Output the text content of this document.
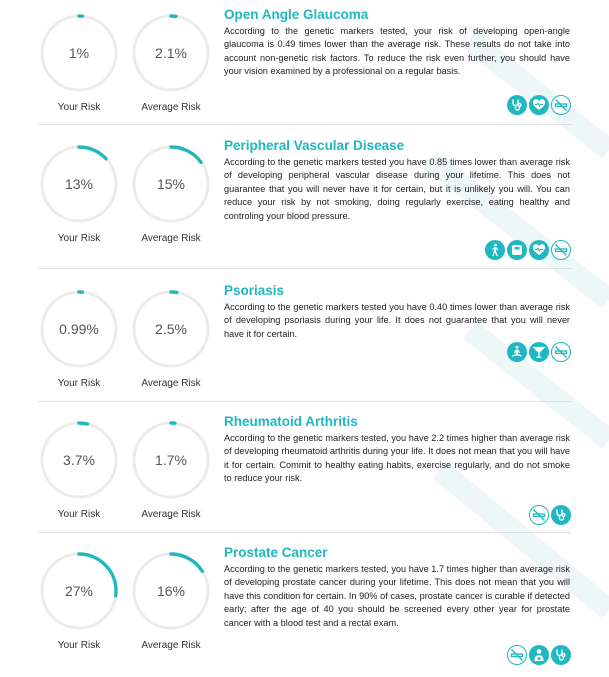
1%	2.1%
Your Risk	Average Risk
Open Angle Glaucoma
According to the genetic markers tested, your risk of developing open-angle glaucoma is 0.49 times lower than the average risk. These results do not take into account non-genetic risk factors. To reduce the risk even further, you should have your vision examined by a professional on a regular basis.
13%	15%
Your Risk	Average Risk
Peripheral Vascular Disease
According to the genetic markers tested you have 0.85 times lower than average risk of developing peripheral vascular disease during your lifetime. This does not guarantee that you will never have it for certain, but it is unlikely you will. You can reduce your risk by not smoking, doing regularly exercise, eating healthy and controling your blood pressure.
0.99%	2.5%
Your Risk	Average Risk
Psoriasis
According to the genetic markers tested you have 0.40 times lower than average risk of developing psoriasis during your life. It does not guarantee that you will never have it for certain.
3.7%	1.7%
Your Risk	Average Risk
Rheumatoid Arthritis
According to the genetic markers tested, you have 2.2 times higher than average risk of developing rheumatoid arthritis during your life. It does not mean that you will have it for certain. Commit to healthy eating habits, exercise regularly, and do not smoke to reduce your risk.
27%	16%
Your Risk	Average Risk
Prostate Cancer
According to the genetic markers tested, you have 1.7 times higher than average risk of developing prostate cancer during your lifetime. This does not mean that you will have this condition for certain. In 90% of cases, prostate cancer is curable if detected early; after the age of 40 you should be screened every other year for prostate cancer with a blood test and a rectal exam.
